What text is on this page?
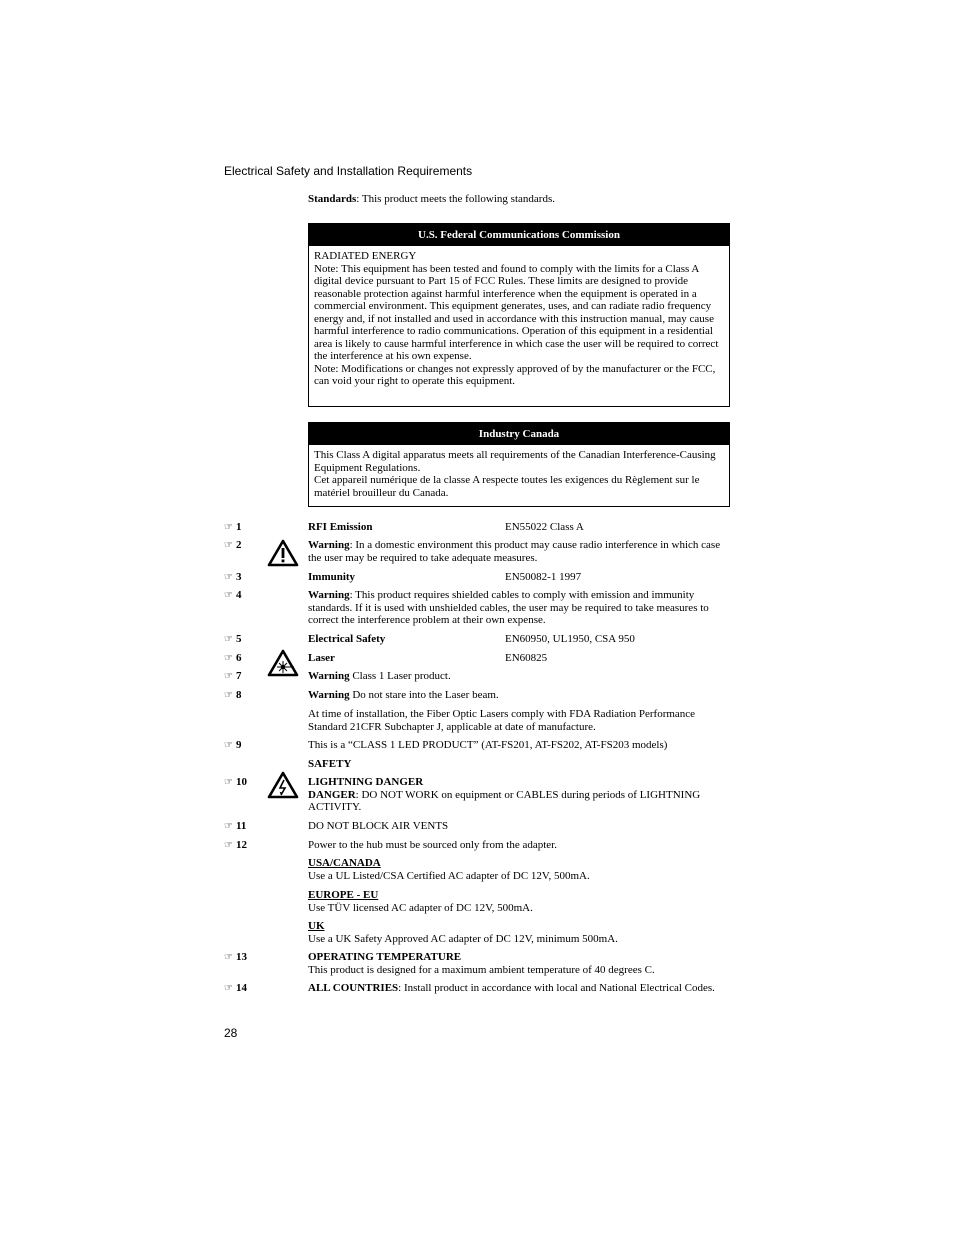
Electrical Safety and Installation Requirements
Standards: This product meets the following standards.
U.S. Federal Communications Commission

RADIATED ENERGY

Note: This equipment has been tested and found to comply with the limits for a Class A digital device pursuant to Part 15 of FCC Rules. These limits are designed to provide reasonable protection against harmful interference when the equipment is operated in a commercial environment. This equipment generates, uses, and can radiate radio frequency energy and, if not installed and used in accordance with this instruction manual, may cause harmful interference to radio communications. Operation of this equipment in a residential area is likely to cause harmful interference in which case the user will be required to correct the interference at his own expense.

Note: Modifications or changes not expressly approved of by the manufacturer or the FCC, can void your right to operate this equipment.

Industry Canada

This Class A digital apparatus meets all requirements of the Canadian Interference-Causing Equipment Regulations.

Cet appareil numérique de la classe A respecte toutes les exigences du Règlement sur le matériel brouilleur du Canada.

☞ 1	RFI Emission	EN55022 Class A
☞ 2	Warning: In a domestic environment this product may cause radio interference in which case the user may be required to take adequate measures.
☞ 3	Immunity	EN50082-1 1997
☞ 4	Warning: This product requires shielded cables to comply with emission and immunity standards. If it is used with unshielded cables, the user may be required to take measures to correct the interference problem at their own expense.
☞ 5	Electrical Safety	EN60950, UL1950, CSA 950
☞ 6	Laser	EN60825
☞ 7	Warning Class 1 Laser product.
☞ 8	Warning Do not stare into the Laser beam.
At time of installation, the Fiber Optic Lasers comply with FDA Radiation Performance Standard 21CFR Subchapter J, applicable at date of manufacture.
☞ 9	This is a “CLASS 1 LED PRODUCT” (AT-FS201, AT-FS202, AT-FS203 models)
SAFETY
☞ 10	LIGHTNING DANGER
DANGER: DO NOT WORK on equipment or CABLES during periods of LIGHTNING ACTIVITY.
☞ 11	DO NOT BLOCK AIR VENTS
☞ 12	Power to the hub must be sourced only from the adapter.
USA/CANADA
Use a UL Listed/CSA Certified AC adapter of DC 12V, 500mA.
EUROPE - EU
Use TÜV licensed AC adapter of DC 12V, 500mA.
UK
Use a UK Safety Approved AC adapter of DC 12V, minimum 500mA.
☞ 13	OPERATING TEMPERATURE
This product is designed for a maximum ambient temperature of 40 degrees C.
☞ 14	ALL COUNTRIES: Install product in accordance with local and National Electrical Codes.
28
